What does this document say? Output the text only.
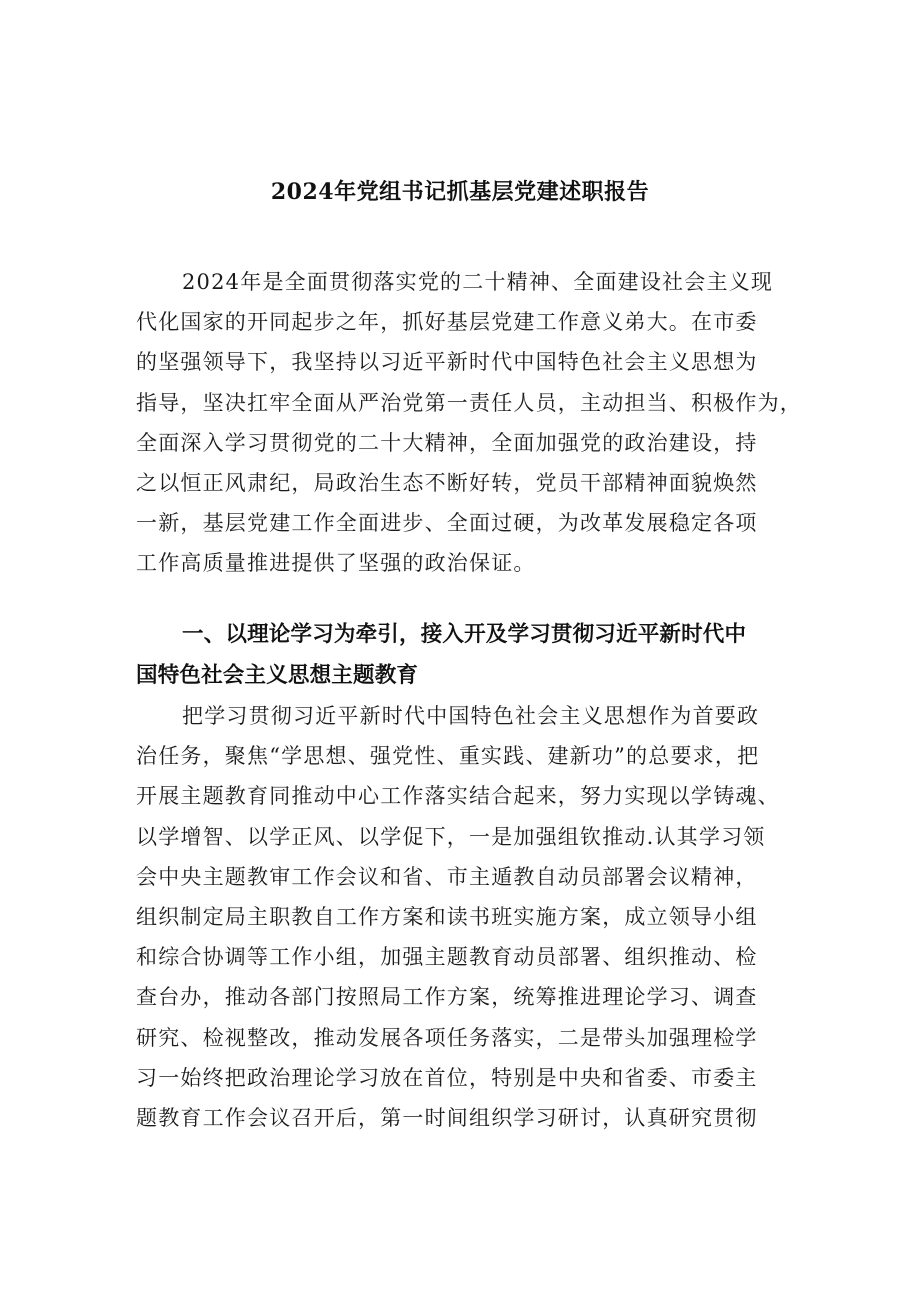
2024年党组书记抓基层党建述职报告
2024年是全面贯彻落实党的二十精神、全面建设社会主义现
代化国家的开同起步之年，抓好基层党建工作意义弟大。在市委
的坚强领导下，我坚持以习近平新时代中国特色社会主义思想为
指导，坚决扛牢全面从严治党第一责任人员，主动担当、积极作为，
全面深入学习贯彻党的二十大精神，全面加强党的政治建设，持
之以恒正风肃纪，局政治生态不断好转，党员干部精神面貌焕然
一新，基层党建工作全面进步、全面过硬，为改革发展稳定各项
工作高质量推进提供了坚强的政治保证。
一、以理论学习为牵引，接入开及学习贯彻习近平新时代中
国特色社会主义思想主题教育
把学习贯彻习近平新时代中国特色社会主义思想作为首要政
治任务，聚焦“学思想、强党性、重实践、建新功”的总要求，把
开展主题教育同推动中心工作落实结合起来，努力实现以学铸魂、
以学增智、以学正风、以学促下，一是加强组钦推动.认其学习领
会中央主题教审工作会议和省、市主遁教自动员部署会议精神，
组织制定局主职教自工作方案和读书班实施方案，成立领导小组
和综合协调等工作小组，加强主题教育动员部署、组织推动、检
查台办，推动各部门按照局工作方案，统筹推进理论学习、调查
研究、检视整改，推动发展各项任务落实，二是带头加强理检学
习一始终把政治理论学习放在首位，特别是中央和省委、市委主
题教育工作会议召开后，第一时间组织学习研讨，认真研究贯彻
